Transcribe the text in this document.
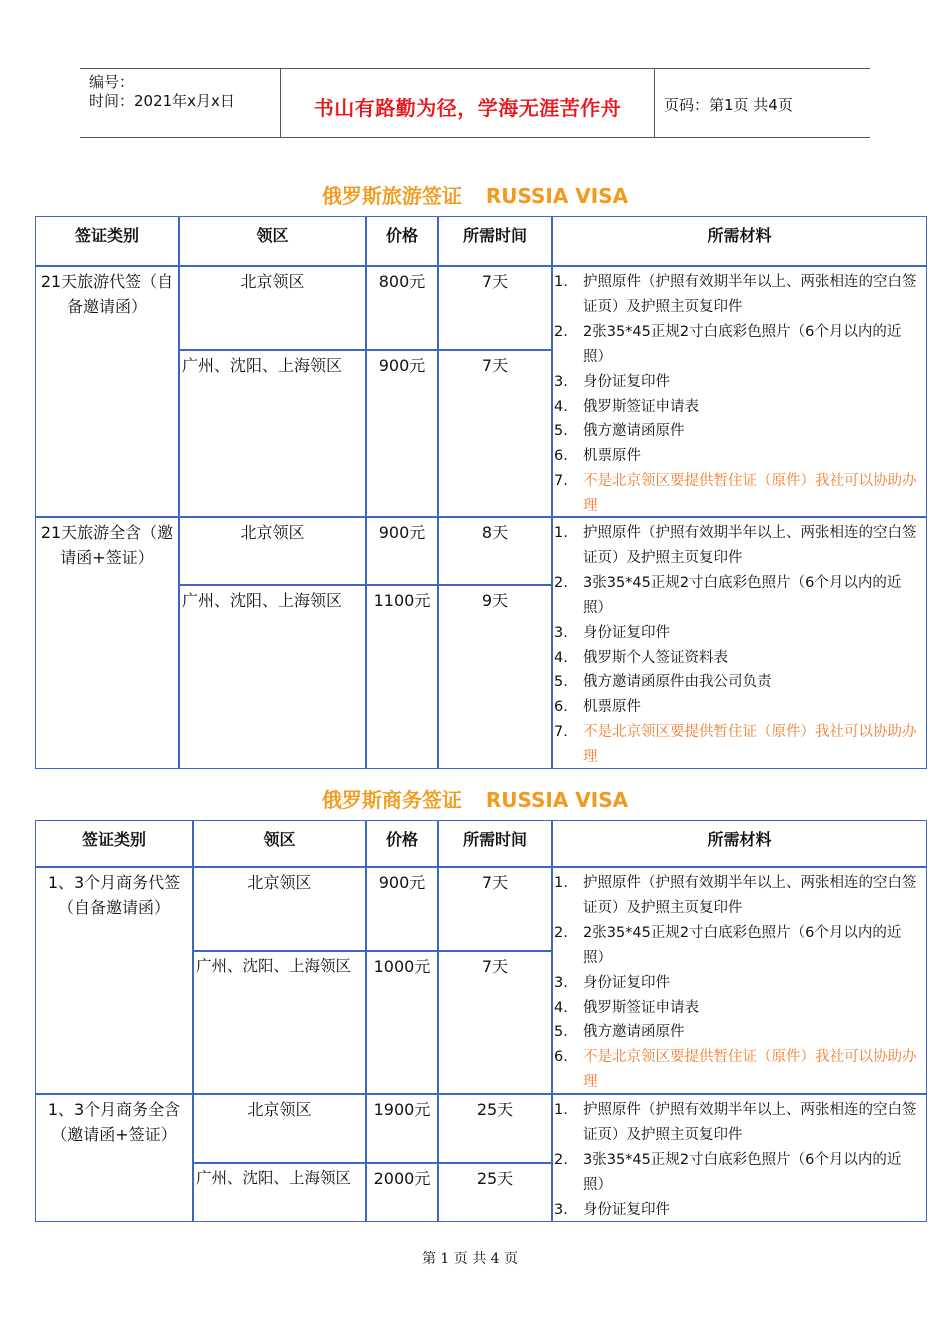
编号：
时间：2021年x月x日	书山有路勤为径，学海无涯苦作舟	页码：第1页 共4页
俄罗斯旅游签证 RUSSIA VISA
签证类别	领区	价格	所需时间	所需材料
21天旅游代签（自备邀请函）
北京领区	800元	7天
广州、沈阳、上海领区	900元	7天
1. 护照原件（护照有效期半年以上、两张相连的空白签证页）及护照主页复印件
2. 2张35*45正规2寸白底彩色照片（6个月以内的近照）
3. 身份证复印件
4. 俄罗斯签证申请表
5. 俄方邀请函原件
6. 机票原件
7. 不是北京领区要提供暂住证（原件）我社可以协助办理
21天旅游全含（邀请函+签证）
北京领区	900元	8天
广州、沈阳、上海领区	1100元	9天
1. 护照原件（护照有效期半年以上、两张相连的空白签证页）及护照主页复印件
2. 3张35*45正规2寸白底彩色照片（6个月以内的近照）
3. 身份证复印件
4. 俄罗斯个人签证资料表
5. 俄方邀请函原件由我公司负责
6. 机票原件
7. 不是北京领区要提供暂住证（原件）我社可以协助办理
俄罗斯商务签证 RUSSIA VISA
签证类别	领区	价格	所需时间	所需材料
1、3个月商务代签（自备邀请函）
北京领区	900元	7天
广州、沈阳、上海领区	1000元	7天
1. 护照原件（护照有效期半年以上、两张相连的空白签证页）及护照主页复印件
2. 2张35*45正规2寸白底彩色照片（6个月以内的近照）
3. 身份证复印件
4. 俄罗斯签证申请表
5. 俄方邀请函原件
6. 不是北京领区要提供暂住证（原件）我社可以协助办理
1、3个月商务全含（邀请函+签证）
北京领区	1900元	25天
广州、沈阳、上海领区	2000元	25天
1. 护照原件（护照有效期半年以上、两张相连的空白签证页）及护照主页复印件
2. 3张35*45正规2寸白底彩色照片（6个月以内的近照）
3. 身份证复印件
第 1 页 共 4 页
